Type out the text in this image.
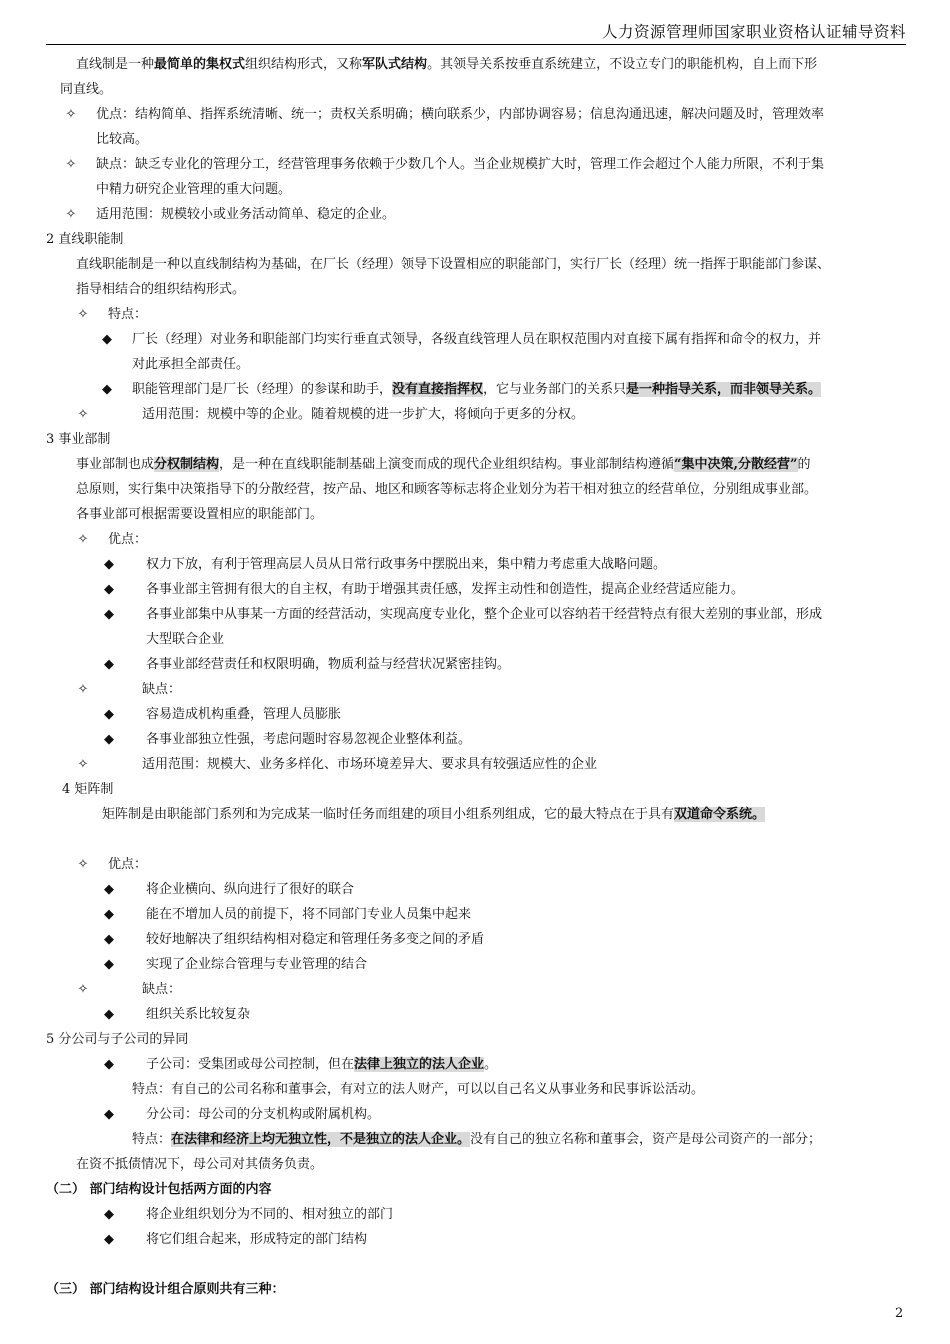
人力资源管理师国家职业资格认证辅导资料
直线制是一种最简单的集权式组织结构形式，又称军队式结构。其领导关系按垂直系统建立，不设立专门的职能机构，自上而下形
同直线。
✧ 优点：结构简单、指挥系统清晰、统一；责权关系明确；横向联系少，内部协调容易；信息沟通迅速，解决问题及时，管理效率
比较高。
✧ 缺点：缺乏专业化的管理分工，经营管理事务依赖于少数几个人。当企业规模扩大时，管理工作会超过个人能力所限，不利于集
中精力研究企业管理的重大问题。
✧ 适用范围：规模较小或业务活动简单、稳定的企业。
2 直线职能制
直线职能制是一种以直线制结构为基础，在厂长（经理）领导下设置相应的职能部门，实行厂长（经理）统一指挥于职能部门参谋、
指导相结合的组织结构形式。
✧ 特点：
◆	厂长（经理）对业务和职能部门均实行垂直式领导，各级直线管理人员在职权范围内对直接下属有指挥和命令的权力，并
对此承担全部责任。
◆	职能管理部门是厂长（经理）的参谋和助手，没有直接指挥权，它与业务部门的关系只是一种指导关系，而非领导关系。
✧	适用范围：规模中等的企业。随着规模的进一步扩大，将倾向于更多的分权。
3 事业部制
事业部制也成分权制结构，是一种在直线职能制基础上演变而成的现代企业组织结构。事业部制结构遵循“集中决策,分散经营”的
总原则，实行集中决策指导下的分散经营，按产品、地区和顾客等标志将企业划分为若干相对独立的经营单位，分别组成事业部。
各事业部可根据需要设置相应的职能部门。
✧ 优点：
◆	权力下放，有利于管理高层人员从日常行政事务中摆脱出来，集中精力考虑重大战略问题。
◆	各事业部主管拥有很大的自主权，有助于增强其责任感，发挥主动性和创造性，提高企业经营适应能力。
◆	各事业部集中从事某一方面的经营活动，实现高度专业化，整个企业可以容纳若干经营特点有很大差别的事业部，形成
大型联合企业
◆	各事业部经营责任和权限明确，物质利益与经营状况紧密挂钩。
✧	缺点：
◆	容易造成机构重叠，管理人员膨胀
◆	各事业部独立性强，考虑问题时容易忽视企业整体利益。
✧	适用范围：规模大、业务多样化、市场环境差异大、要求具有较强适应性的企业
4 矩阵制
矩阵制是由职能部门系列和为完成某一临时任务而组建的项目小组系列组成，它的最大特点在于具有双道命令系统。
✧ 优点：
◆	将企业横向、纵向进行了很好的联合
◆	能在不增加人员的前提下，将不同部门专业人员集中起来
◆	较好地解决了组织结构相对稳定和管理任务多变之间的矛盾
◆	实现了企业综合管理与专业管理的结合
✧	缺点：
◆	组织关系比较复杂
5 分公司与子公司的异同
◆	子公司：受集团或母公司控制，但在法律上独立的法人企业。
特点：有自己的公司名称和董事会，有对立的法人财产，可以以自己名义从事业务和民事诉讼活动。
◆	分公司：母公司的分支机构或附属机构。
特点：在法律和经济上均无独立性，不是独立的法人企业。没有自己的独立名称和董事会，资产是母公司资产的一部分；
在资不抵债情况下，母公司对其债务负责。
（二） 部门结构设计包括两方面的内容
◆	将企业组织划分为不同的、相对独立的部门
◆	将它们组合起来，形成特定的部门结构
（三） 部门结构设计组合原则共有三种：
2
